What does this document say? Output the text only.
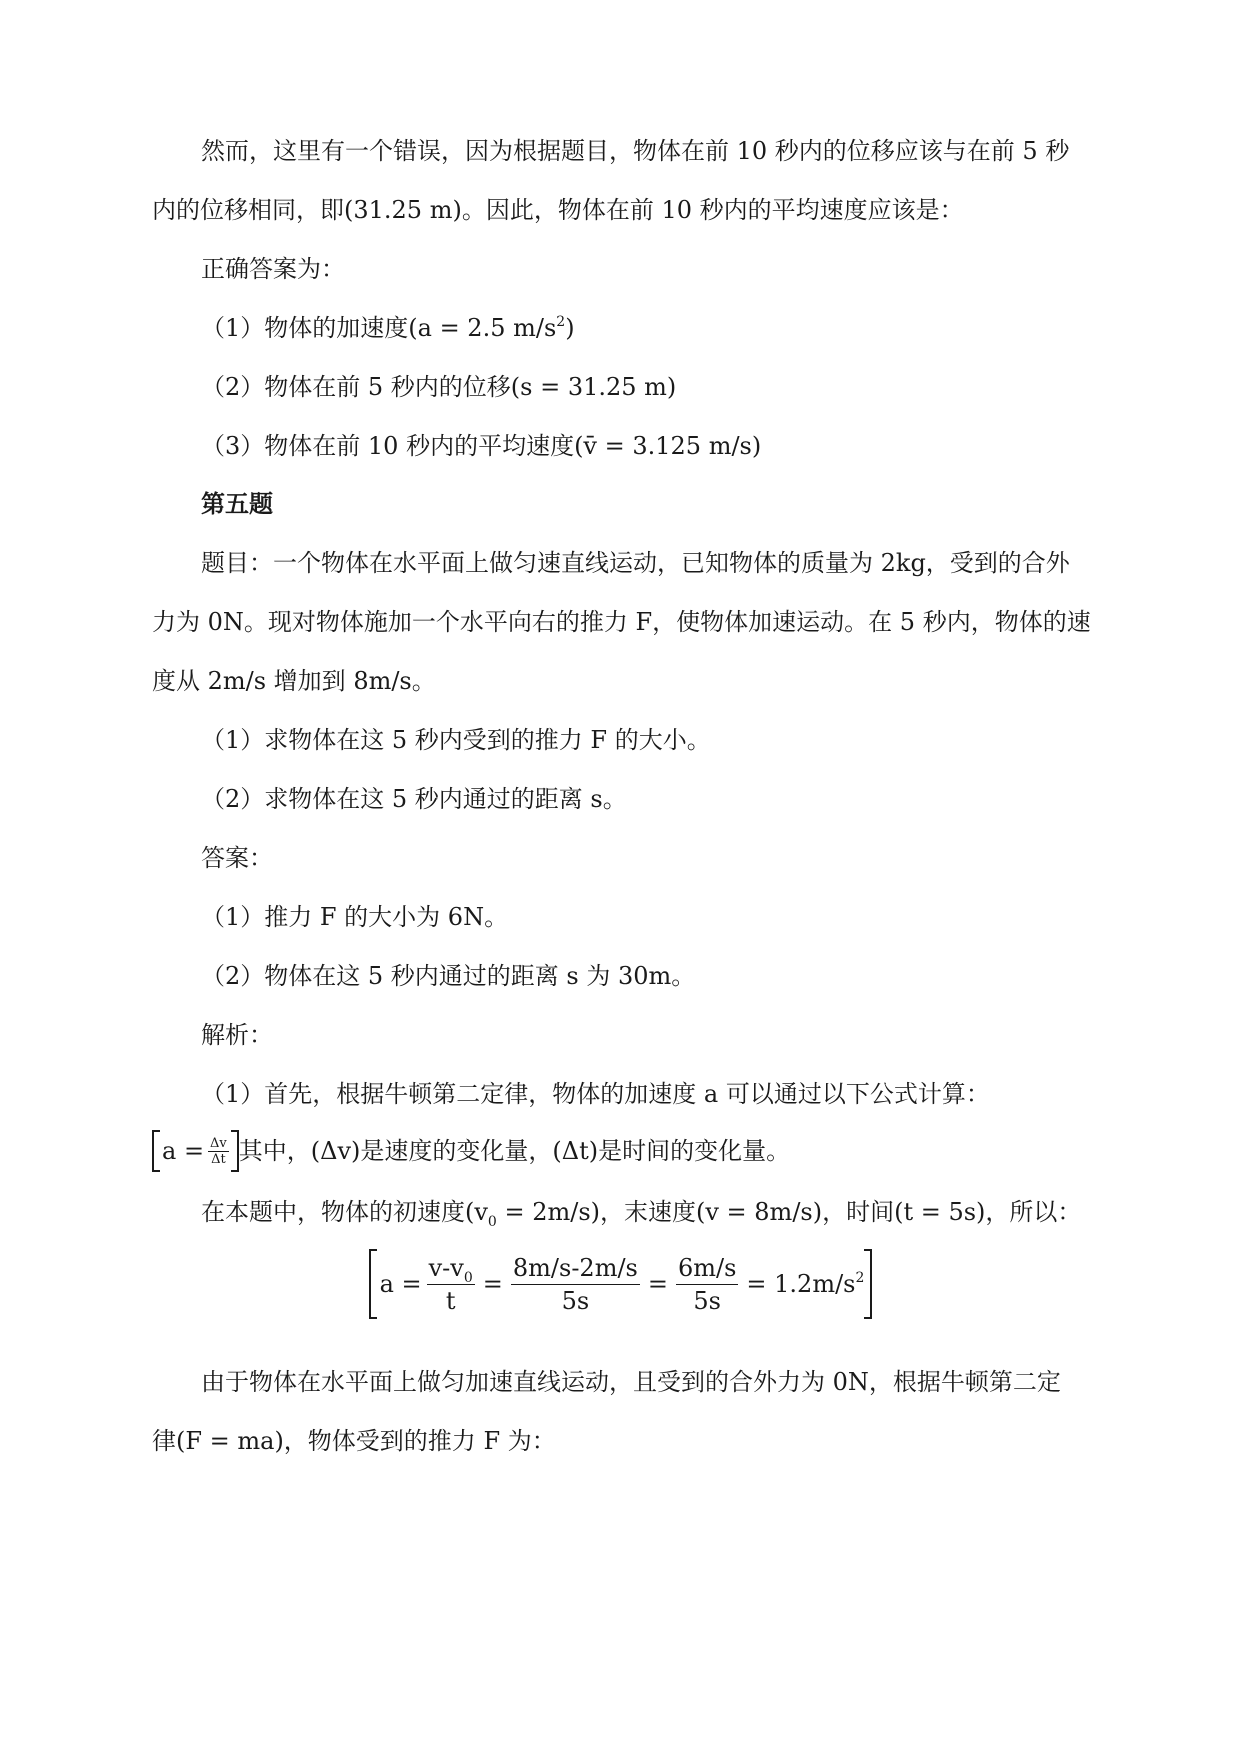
然而，这里有一个错误，因为根据题目，物体在前 10 秒内的位移应该与在前 5 秒
内的位移相同，即(31.25 m)。因此，物体在前 10 秒内的平均速度应该是：
正确答案为：
（1）物体的加速度(a = 2.5 $m/s^2$)
（2）物体在前 5 秒内的位移(s = 31.25 m)
（3）物体在前 10 秒内的平均速度(v̄ = 3.125 m/s)
第五题
题目：一个物体在水平面上做匀速直线运动，已知物体的质量为 2kg，受到的合外
力为 0N。现对物体施加一个水平向右的推力 F，使物体加速运动。在 5 秒内，物体的速
度从 2m/s 增加到 8m/s。
（1）求物体在这 5 秒内受到的推力 F 的大小。
（2）求物体在这 5 秒内通过的距离 s。
答案：
（1）推力 F 的大小为 6N。
（2）物体在这 5 秒内通过的距离 s 为 30m。
解析：
（1）首先，根据牛顿第二定律，物体的加速度 a 可以通过以下公式计算：
$a = \frac{\Delta v}{\Delta t}$ 其中，(Δv)是速度的变化量，(Δt)是时间的变化量。
在本题中，物体的初速度$(v_0 = 2m/s)$，末速度(v = 8m/s)，时间(t = 5s)，所以：
$a = \frac{v-v_0}{t} = \frac{8m/s-2m/s}{5s} = \frac{6m/s}{5s} = 1.2m/s^2$
由于物体在水平面上做匀加速直线运动，且受到的合外力为 0N，根据牛顿第二定
律(F = ma)，物体受到的推力 F 为：
